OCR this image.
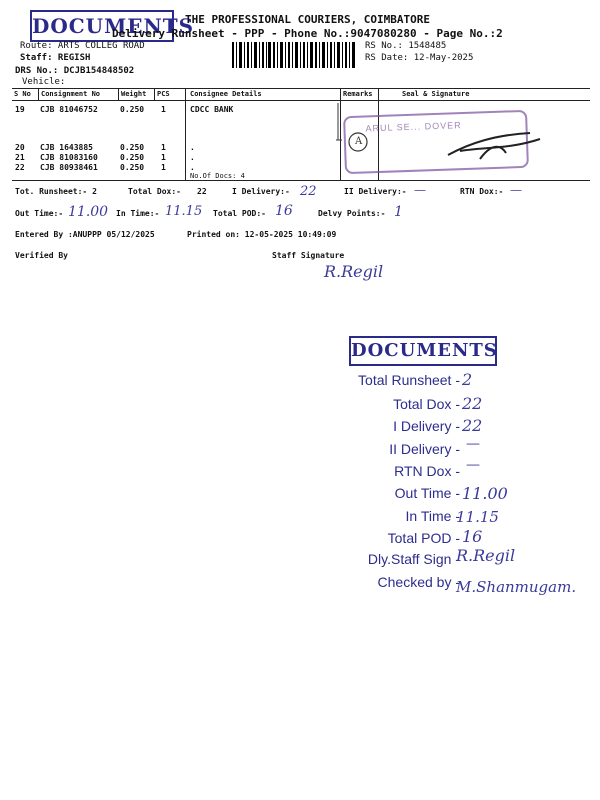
DOCUMENTS
THE PROFESSIONAL COURIERS, COIMBATORE
Delivery Runsheet - PPP - Phone No.:9047080280 - Page No.:2
Route: ARTS COLLEG ROAD
Staff: REGISH
DRS No.: DCJB154848502
Vehicle:
RS No.: 1548485
RS Date: 12-May-2025
S No Consignment No	Weight PCS	Consignee Details	Remarks	Seal & Signature
19 CJB 81046752	0.250 1	CDCC BANK
20 CJB 1643885	0.250 1	.
21 CJB 81083160	0.250 1	.
22 CJB 80938461	0.250 1	.
No.Of Docs: 4
A
ARUL SE... DOVER
Tot. Runsheet:- 2	Total Dox:- 22	I Delivery:- 22	II Delivery:- —	RTN Dox:- —
Out Time:- 11.00 In Time:- 11.15 Total POD:- 16	Delvy Points:- 1
Entered By :ANUPPP 05/12/2025	Printed on: 12-05-2025 10:49:09
Verified By	Staff Signature
R.Regil
DOCUMENTS
Total Runsheet - 2
Total Dox - 22
I Delivery - 22
II Delivery - —
RTN Dox - —
Out Time - 11.00
In Time -
11.15
Total POD - 16
Dly.Staff Sign -
R.Regil
Checked by -
M.Shanmugam.
